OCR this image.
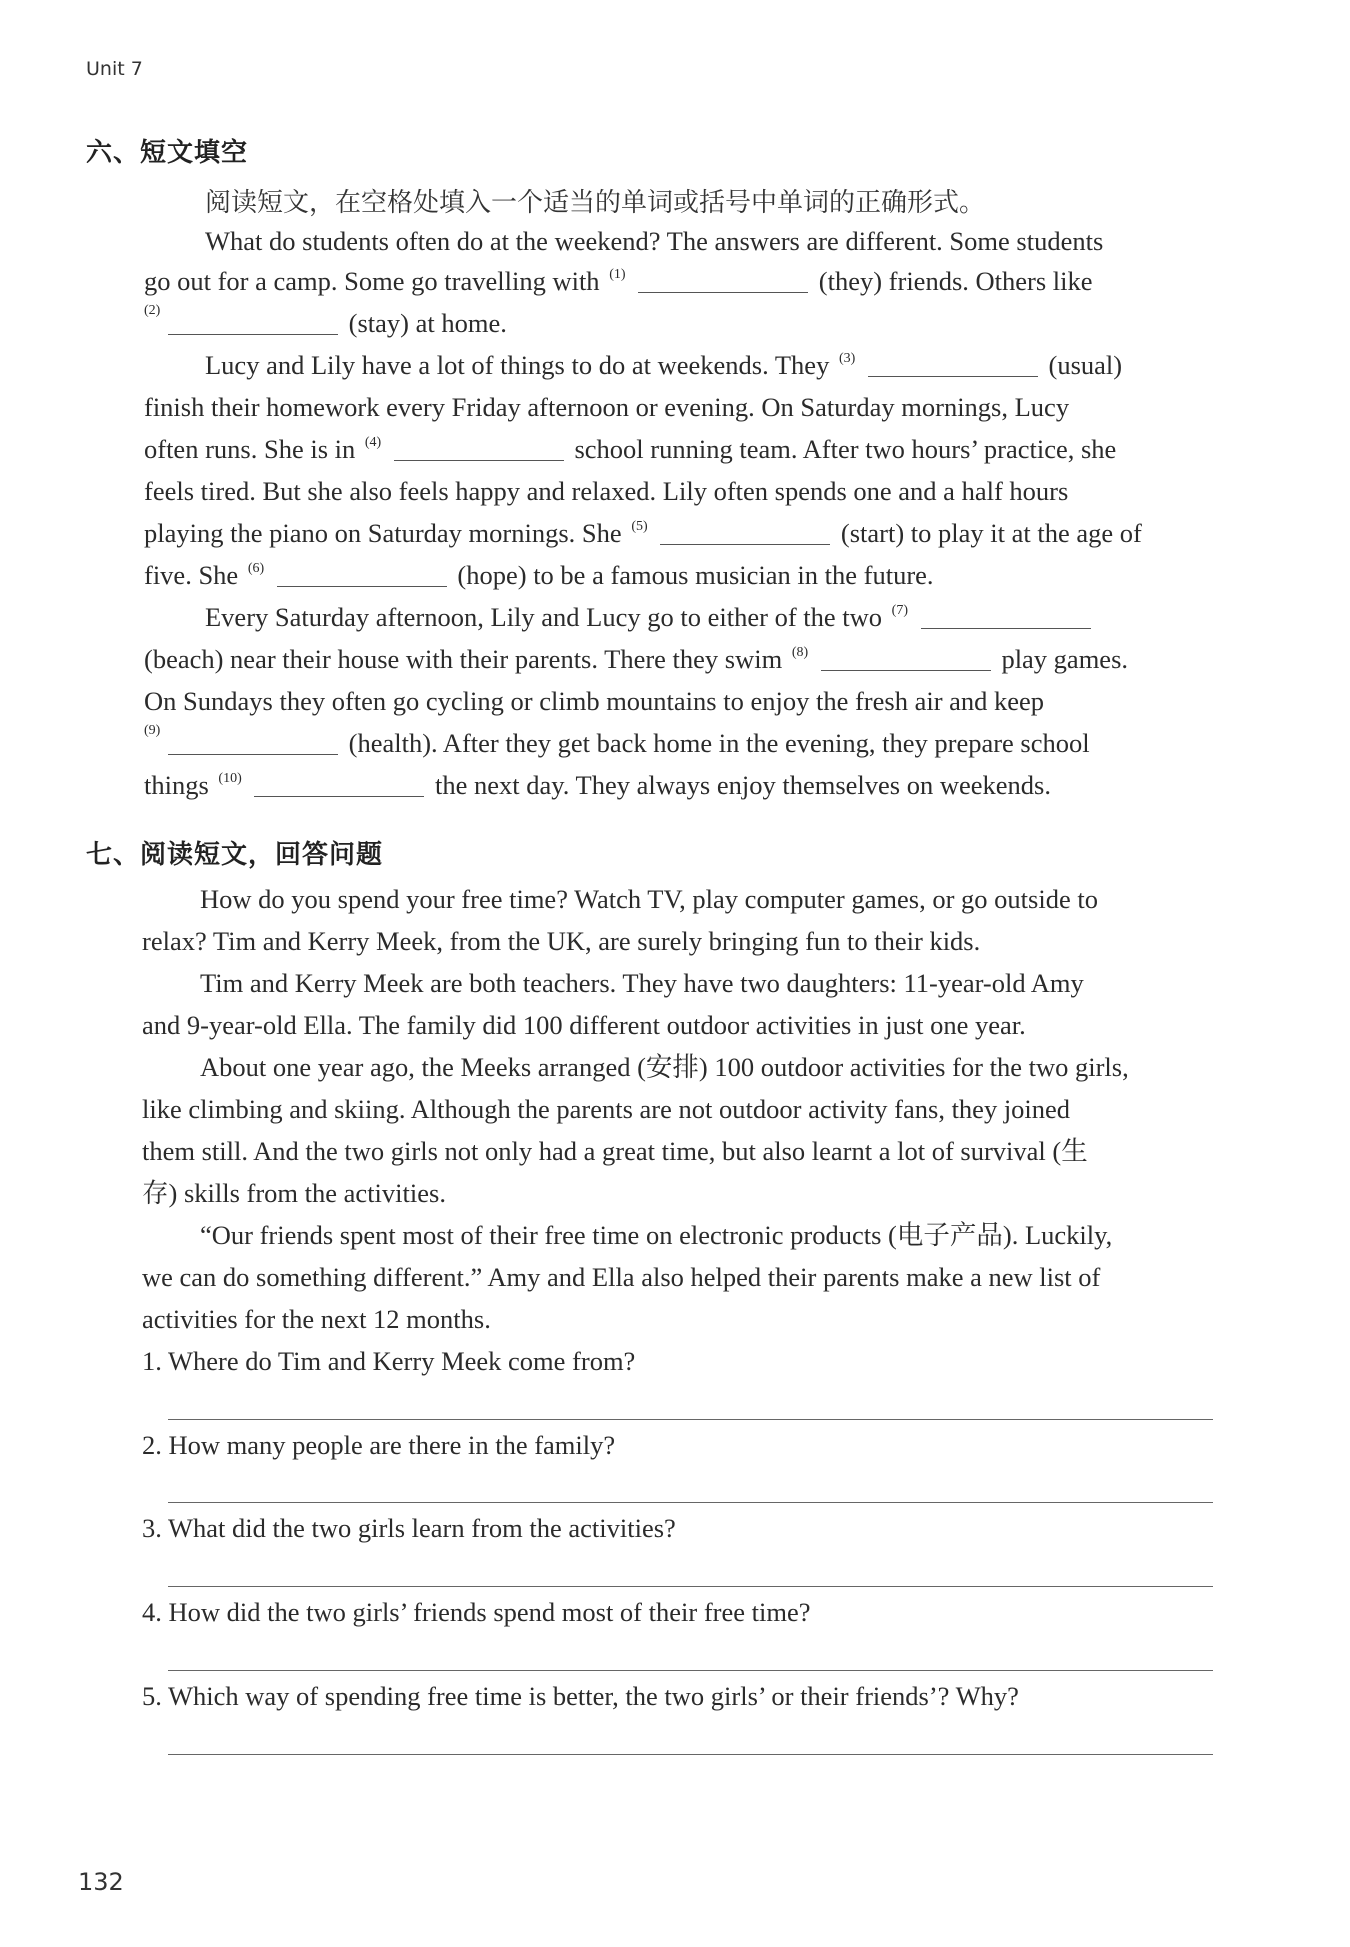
Unit 7
六、短文填空
阅读短文，在空格处填入一个适当的单词或括号中单词的正确形式。
What do students often do at the weekend? The answers are different. Some students
go out for a camp. Some go travelling with $^{(1)}$	(they) friends. Others like
(2)	(stay) at home.
Lucy and Lily have a lot of things to do at weekends. They $^{(3)}$	(usual)
finish their homework every Friday afternoon or evening. On Saturday mornings, Lucy
often runs. She is in $^{(4)}$	school running team. After two hours’ practice, she
feels tired. But she also feels happy and relaxed. Lily often spends one and a half hours
playing the piano on Saturday mornings. She $^{(5)}$	(start) to play it at the age of
five. She $^{(6)}$	(hope) to be a famous musician in the future.
Every Saturday afternoon, Lily and Lucy go to either of the two $^{(7)}$
(beach) near their house with their parents. There they swim $^{(8)}$	play games.
On Sundays they often go cycling or climb mountains to enjoy the fresh air and keep
(9)	(health). After they get back home in the evening, they prepare school
things $^{(10)}$	the next day. They always enjoy themselves on weekends.
七、阅读短文，回答问题
How do you spend your free time? Watch TV, play computer games, or go outside to
relax? Tim and Kerry Meek, from the UK, are surely bringing fun to their kids.
Tim and Kerry Meek are both teachers. They have two daughters: 11-year-old Amy
and 9-year-old Ella. The family did 100 different outdoor activities in just one year.
About one year ago, the Meeks arranged (安排) 100 outdoor activities for the two girls,
like climbing and skiing. Although the parents are not outdoor activity fans, they joined
them still. And the two girls not only had a great time, but also learnt a lot of survival (生
存) skills from the activities.
“Our friends spent most of their free time on electronic products (电子产品). Luckily,
we can do something different.” Amy and Ella also helped their parents make a new list of
activities for the next 12 months.
1. Where do Tim and Kerry Meek come from?
2. How many people are there in the family?
3. What did the two girls learn from the activities?
4. How did the two girls’ friends spend most of their free time?
5. Which way of spending free time is better, the two girls’ or their friends’? Why?
132
